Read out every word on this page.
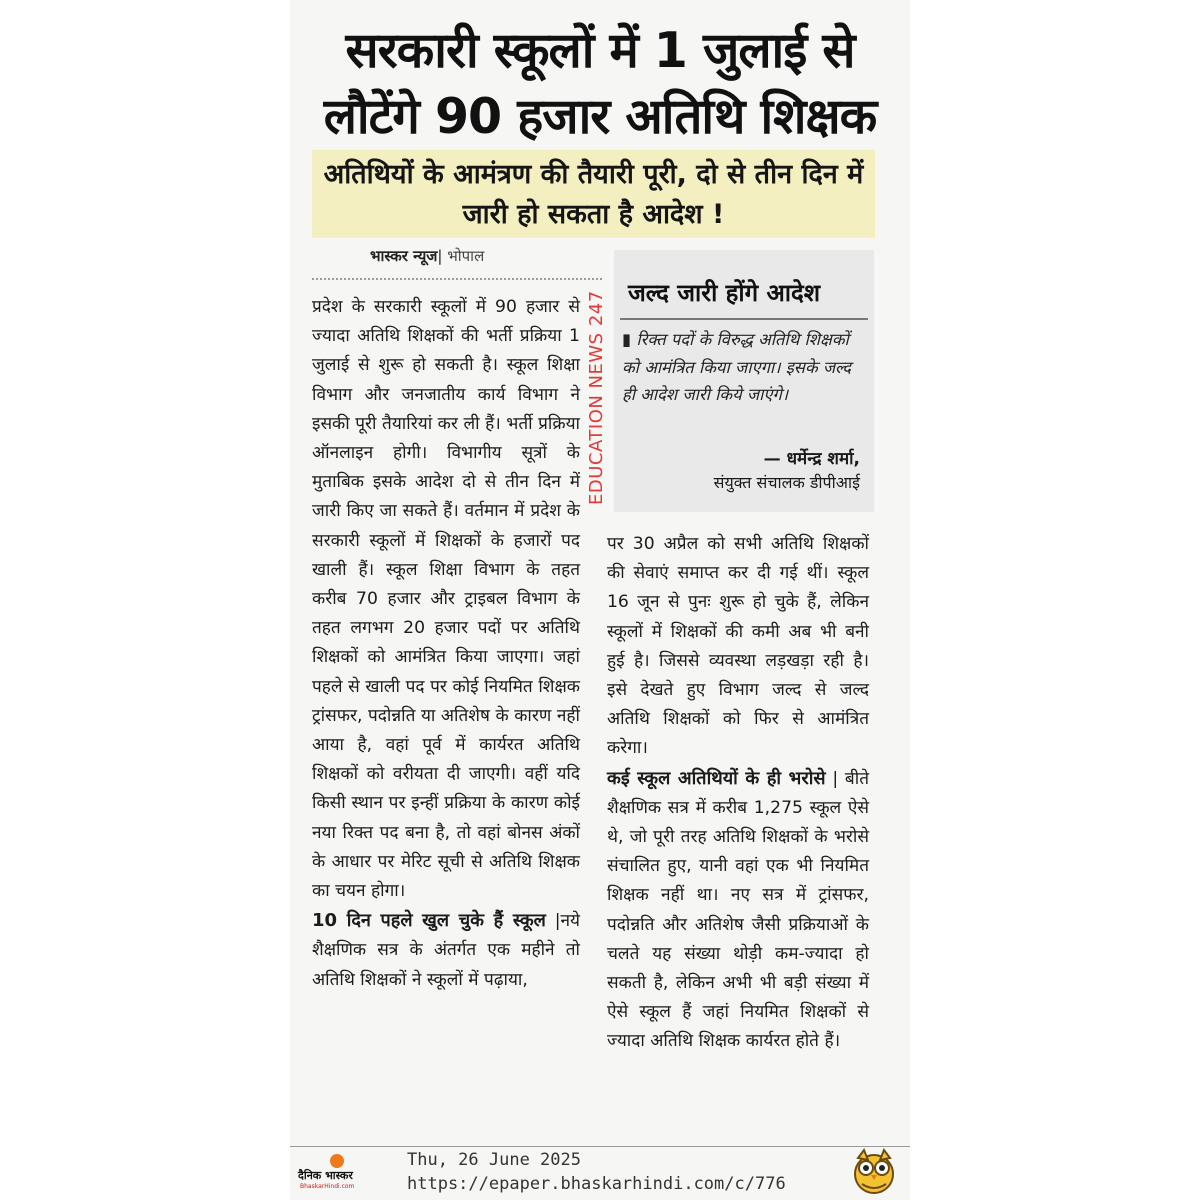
सरकारी स्कूलों में 1 जुलाई से लौटेंगे 90 हजार अतिथि शिक्षक
अतिथियों के आमंत्रण की तैयारी पूरी, दो से तीन दिन में जारी हो सकता है आदेश !
भास्कर न्यूज| भोपाल
प्रदेश के सरकारी स्कूलों में 90 हजार से ज्यादा अतिथि शिक्षकों की भर्ती प्रक्रिया 1 जुलाई से शुरू हो सकती है। स्कूल शिक्षा विभाग और जनजातीय कार्य विभाग ने इसकी पूरी तैयारियां कर ली हैं। भर्ती प्रक्रिया ऑनलाइन होगी। विभागीय सूत्रों के मुताबिक इसके आदेश दो से तीन दिन में जारी किए जा सकते हैं। वर्तमान में प्रदेश के सरकारी स्कूलों में शिक्षकों के हजारों पद खाली हैं। स्कूल शिक्षा विभाग के तहत करीब 70 हजार और ट्राइबल विभाग के तहत लगभग 20 हजार पदों पर अतिथि शिक्षकों को आमंत्रित किया जाएगा। जहां पहले से खाली पद पर कोई नियमित शिक्षक ट्रांसफर, पदोन्नति या अतिशेष के कारण नहीं आया है, वहां पूर्व में कार्यरत अतिथि शिक्षकों को वरीयता दी जाएगी। वहीं यदि किसी स्थान पर इन्हीं प्रक्रिया के कारण कोई नया रिक्त पद बना है, तो वहां बोनस अंकों के आधार पर मेरिट सूची से अतिथि शिक्षक का चयन होगा।
10 दिन पहले खुल चुके हैं स्कूल |नये शैक्षणिक सत्र के अंतर्गत एक महीने तो अतिथि शिक्षकों ने स्कूलों में पढ़ाया,
जल्द जारी होंगे आदेश
▮ रिक्त पदों के विरुद्ध अतिथि शिक्षकों को आमंत्रित किया जाएगा। इसके जल्द ही आदेश जारी किये जाएंगे।
— धर्मेन्द्र शर्मा,
संयुक्त संचालक डीपीआई
EDUCATION NEWS 247
पर 30 अप्रैल को सभी अतिथि शिक्षकों की सेवाएं समाप्त कर दी गई थीं। स्कूल 16 जून से पुनः शुरू हो चुके हैं, लेकिन स्कूलों में शिक्षकों की कमी अब भी बनी हुई है। जिससे व्यवस्था लड़खड़ा रही है। इसे देखते हुए विभाग जल्द से जल्द अतिथि शिक्षकों को फिर से आमंत्रित करेगा।
कई स्कूल अतिथियों के ही भरोसे | बीते शैक्षणिक सत्र में करीब 1,275 स्कूल ऐसे थे, जो पूरी तरह अतिथि शिक्षकों के भरोसे संचालित हुए, यानी वहां एक भी नियमित शिक्षक नहीं था। नए सत्र में ट्रांसफर, पदोन्नति और अतिशेष जैसी प्रक्रियाओं के चलते यह संख्या थोड़ी कम-ज्यादा हो सकती है, लेकिन अभी भी बड़ी संख्या में ऐसे स्कूल हैं जहां नियमित शिक्षकों से ज्यादा अतिथि शिक्षक कार्यरत होते हैं।
दैनिक भास्कर
BhaskarHindi.com
Thu, 26 June 2025
https://epaper.bhaskarhindi.com/c/776
